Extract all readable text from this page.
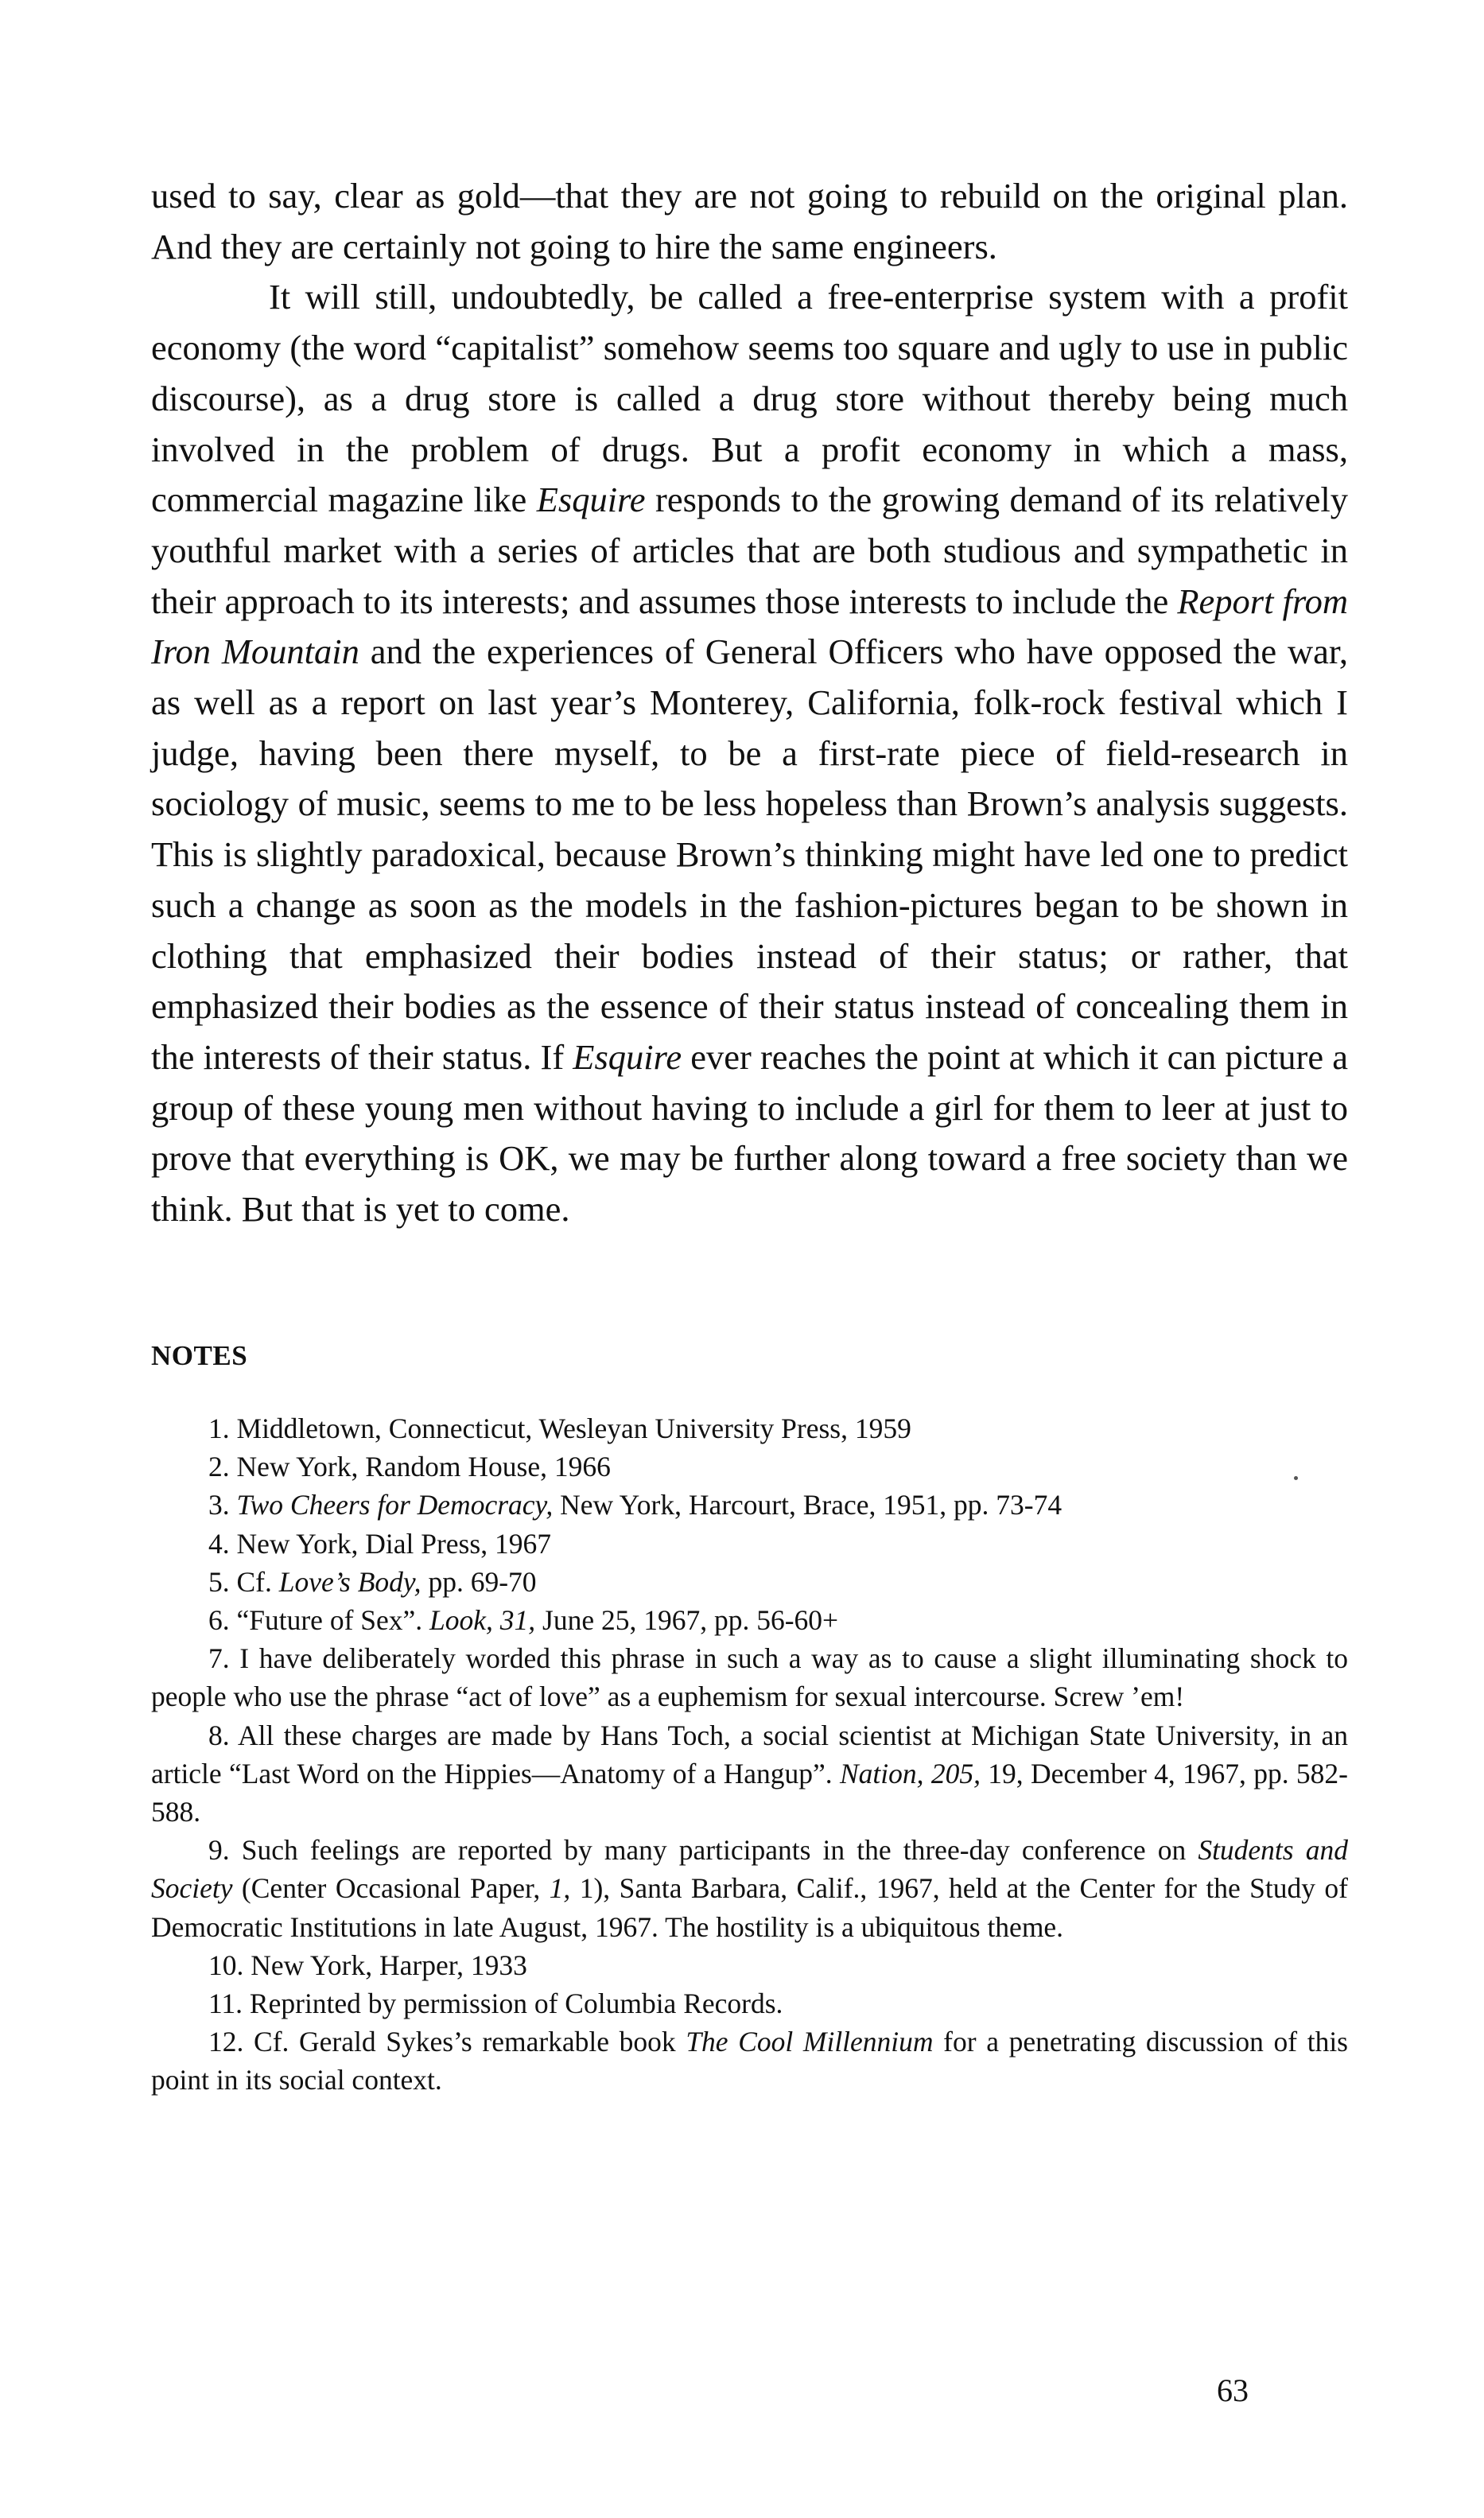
used to say, clear as gold—that they are not going to rebuild on the original plan. And they are certainly not going to hire the same engineers.

It will still, undoubtedly, be called a free-enterprise system with a profit economy (the word “capitalist” somehow seems too square and ugly to use in public discourse), as a drug store is called a drug store without thereby being much involved in the problem of drugs. But a profit economy in which a mass, commercial magazine like Esquire responds to the growing demand of its relatively youthful market with a series of articles that are both studious and sympathetic in their approach to its interests; and assumes those interests to include the Report from Iron Mountain and the experiences of General Officers who have opposed the war, as well as a report on last year’s Monterey, California, folk-rock festival which I judge, having been there myself, to be a first-rate piece of field-research in sociology of music, seems to me to be less hopeless than Brown’s analysis suggests. This is slightly paradoxical, because Brown’s thinking might have led one to predict such a change as soon as the models in the fashion-pictures began to be shown in clothing that emphasized their bodies instead of their status; or rather, that emphasized their bodies as the essence of their status instead of concealing them in the interests of their status. If Esquire ever reaches the point at which it can picture a group of these young men without having to include a girl for them to leer at just to prove that everything is OK, we may be further along toward a free society than we think. But that is yet to come.

NOTES
1. Middletown, Connecticut, Wesleyan University Press, 1959
2. New York, Random House, 1966
3. Two Cheers for Democracy, New York, Harcourt, Brace, 1951, pp. 73-74
4. New York, Dial Press, 1967
5. Cf. Love’s Body, pp. 69-70
6. “Future of Sex”. Look, 31, June 25, 1967, pp. 56-60+
7. I have deliberately worded this phrase in such a way as to cause a slight illuminating shock to people who use the phrase “act of love” as a euphemism for sexual intercourse. Screw ’em!
8. All these charges are made by Hans Toch, a social scientist at Michigan State University, in an article “Last Word on the Hippies—Anatomy of a Hangup”. Nation, 205, 19, December 4, 1967, pp. 582-588.
9. Such feelings are reported by many participants in the three-day conference on Students and Society (Center Occasional Paper, 1, 1), Santa Barbara, Calif., 1967, held at the Center for the Study of Democratic Institutions in late August, 1967. The hostility is a ubiquitous theme.
10. New York, Harper, 1933
11. Reprinted by permission of Columbia Records.
12. Cf. Gerald Sykes’s remarkable book The Cool Millennium for a penetrating discussion of this point in its social context.

63
